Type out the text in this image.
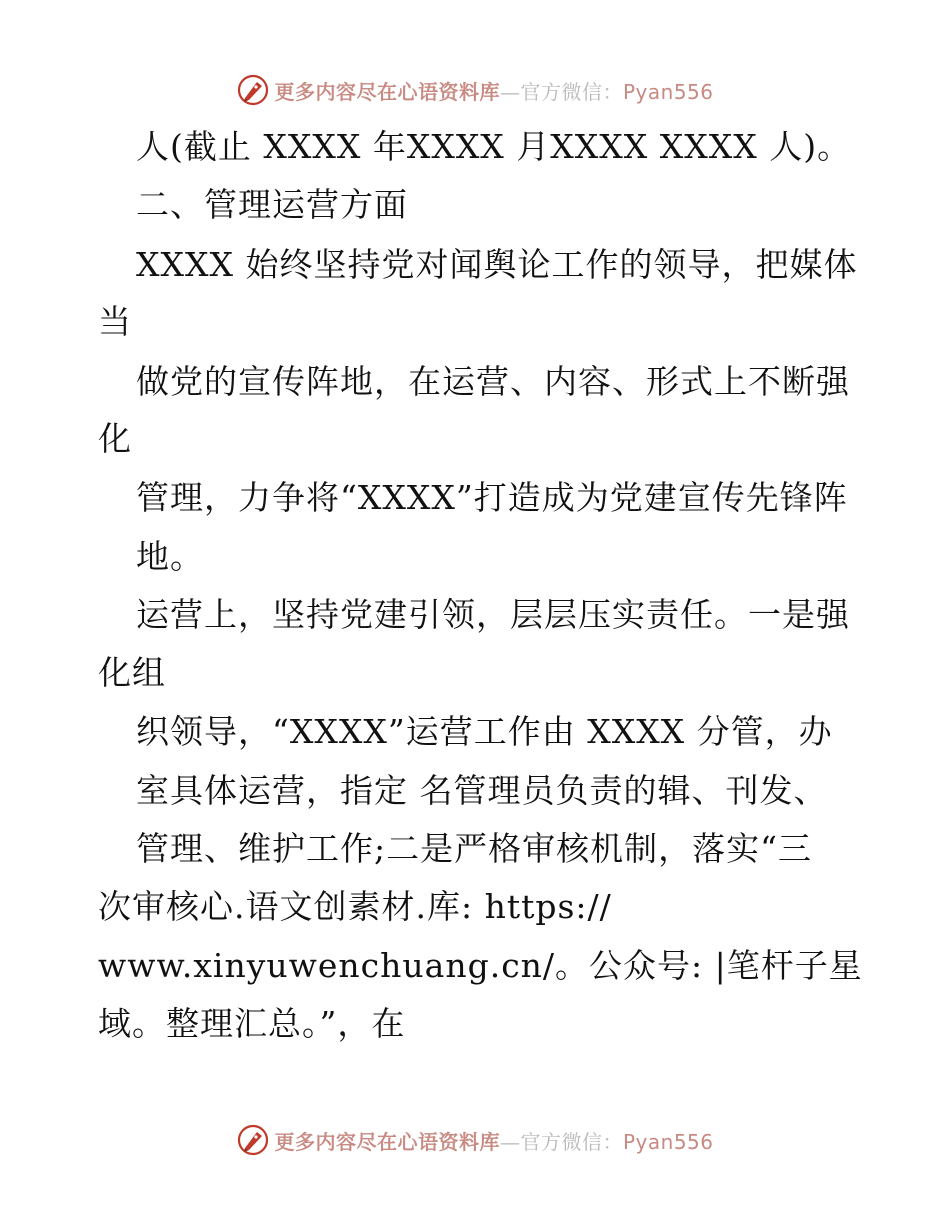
更多内容尽在心语资料库—官方微信：Pyan556
人(截止 XXXX 年XXXX 月XXXX XXXX 人)。
二、管理运营方面
XXXX 始终坚持党对闻舆论工作的领导，把媒体
当
做党的宣传阵地，在运营、内容、形式上不断强
化
管理，力争将“XXXX”打造成为党建宣传先锋阵
地。
运营上，坚持党建引领，层层压实责任。一是强
化组
织领导，“XXXX”运营工作由 XXXX 分管，办
室具体运营，指定 名管理员负责的辑、刊发、
管理、维护工作;二是严格审核机制，落实“三
次审核心.语文创素材.库: https://
www.xinyuwenchuang.cn/。公众号: |笔杆子星
域。整理汇总。”，在
更多内容尽在心语资料库—官方微信：Pyan556
